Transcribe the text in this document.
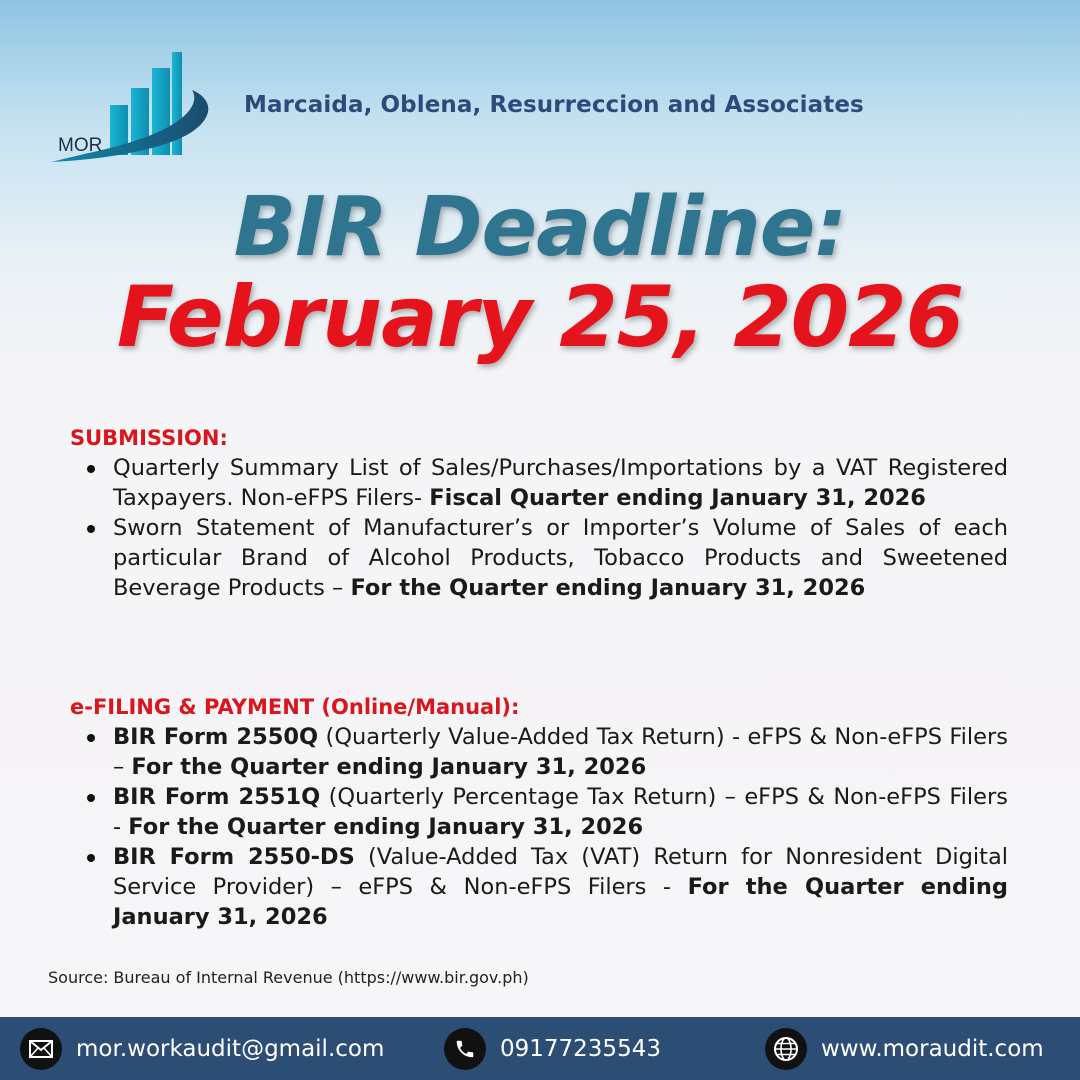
MOR
Marcaida, Oblena, Resurreccion and Associates
BIR Deadline:
February 25, 2026
SUBMISSION:
Quarterly Summary List of Sales/Purchases/Importations by a VAT Registered Taxpayers. Non-eFPS Filers- Fiscal Quarter ending January 31, 2026
Sworn Statement of Manufacturer’s or Importer’s Volume of Sales of each particular Brand of Alcohol Products, Tobacco Products and Sweetened Beverage Products – For the Quarter ending January 31, 2026
e-FILING & PAYMENT (Online/Manual):
BIR Form 2550Q (Quarterly Value-Added Tax Return) - eFPS & Non-eFPS Filers – For the Quarter ending January 31, 2026
BIR Form 2551Q (Quarterly Percentage Tax Return) – eFPS & Non-eFPS Filers - For the Quarter ending January 31, 2026
BIR Form 2550-DS (Value-Added Tax (VAT) Return for Nonresident Digital Service Provider) – eFPS & Non-eFPS Filers - For the Quarter ending January 31, 2026
Source: Bureau of Internal Revenue (https://www.bir.gov.ph)
mor.workaudit@gmail.com	09177235543	www.moraudit.com
